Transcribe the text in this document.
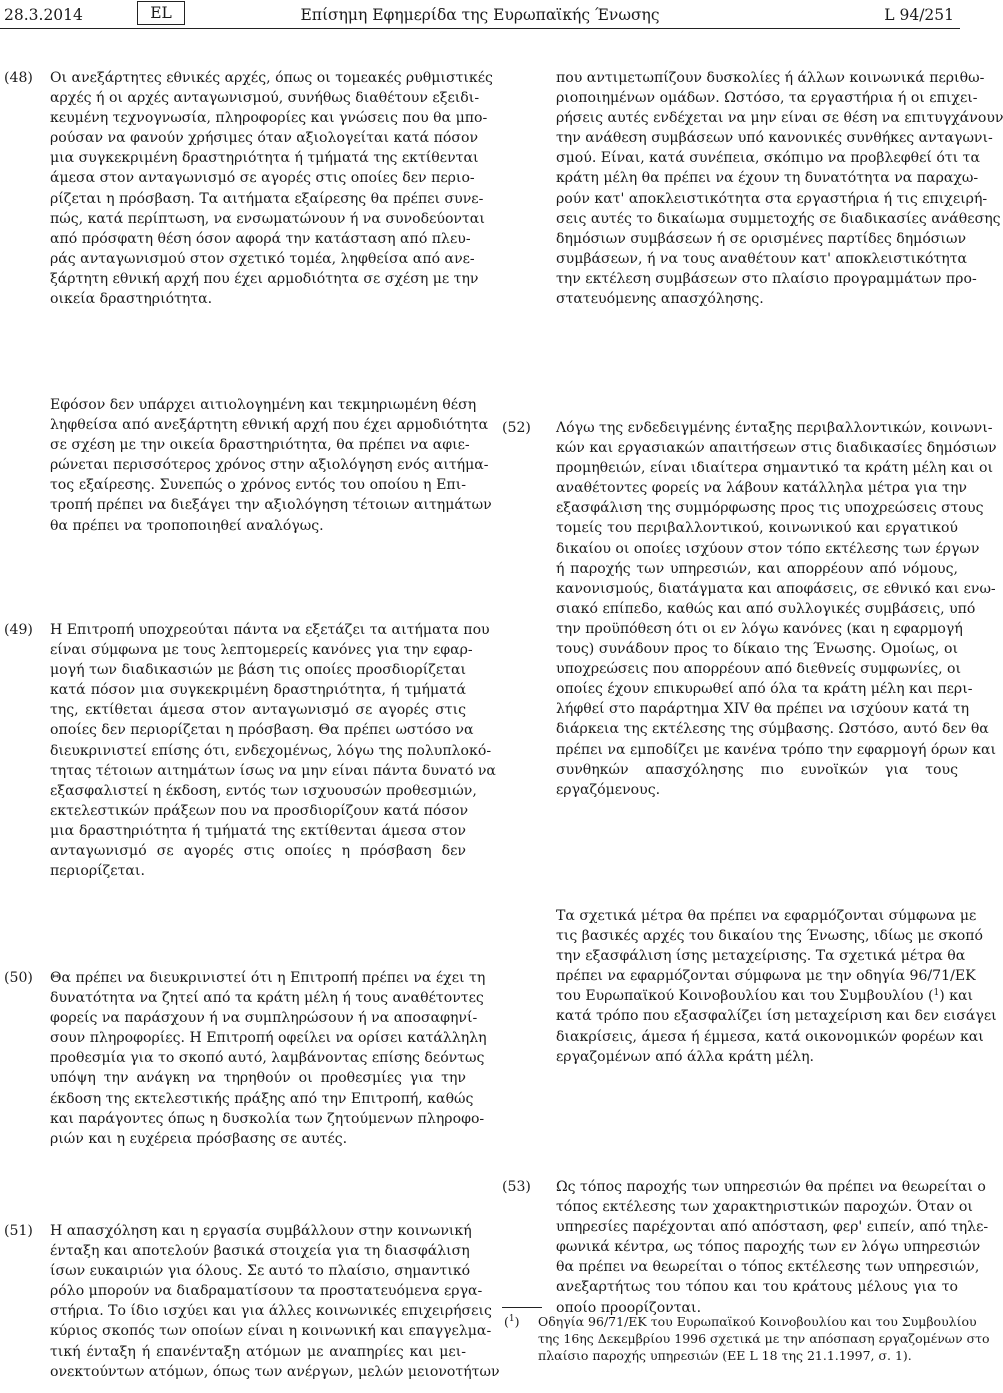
28.3.2014	EL	Επίσημη Εφημερίδα της Ευρωπαϊκής Ένωσης	L 94/251
(48) Οι ανεξάρτητες εθνικές αρχές, όπως οι τομεακές ρυθμιστικές
αρχές ή οι αρχές ανταγωνισμού, συνήθως διαθέτουν εξειδι-
κευμένη τεχνογνωσία, πληροφορίες και γνώσεις που θα μπο-
ρούσαν να φανούν χρήσιμες όταν αξιολογείται κατά πόσον
μια συγκεκριμένη δραστηριότητα ή τμήματά της εκτίθενται
άμεσα στον ανταγωνισμό σε αγορές στις οποίες δεν περιο-
ρίζεται η πρόσβαση. Τα αιτήματα εξαίρεσης θα πρέπει συνε-
πώς, κατά περίπτωση, να ενσωματώνουν ή να συνοδεύονται
από πρόσφατη θέση όσον αφορά την κατάσταση από πλευ-
ράς ανταγωνισμού στον σχετικό τομέα, ληφθείσα από ανε-
ξάρτητη εθνική αρχή που έχει αρμοδιότητα σε σχέση με την
οικεία δραστηριότητα.
Εφόσον δεν υπάρχει αιτιολογημένη και τεκμηριωμένη θέση
ληφθείσα από ανεξάρτητη εθνική αρχή που έχει αρμοδιότητα
σε σχέση με την οικεία δραστηριότητα, θα πρέπει να αφιε-
ρώνεται περισσότερος χρόνος στην αξιολόγηση ενός αιτήμα-
τος εξαίρεσης. Συνεπώς ο χρόνος εντός του οποίου η Επι-
τροπή πρέπει να διεξάγει την αξιολόγηση τέτοιων αιτημάτων
θα πρέπει να τροποποιηθεί αναλόγως.
(49) Η Επιτροπή υποχρεούται πάντα να εξετάζει τα αιτήματα που
είναι σύμφωνα με τους λεπτομερείς κανόνες για την εφαρ-
μογή των διαδικασιών με βάση τις οποίες προσδιορίζεται
κατά πόσον μια συγκεκριμένη δραστηριότητα, ή τμήματά
της, εκτίθεται άμεσα στον ανταγωνισμό σε αγορές στις
οποίες δεν περιορίζεται η πρόσβαση. Θα πρέπει ωστόσο να
διευκρινιστεί επίσης ότι, ενδεχομένως, λόγω της πολυπλοκό-
τητας τέτοιων αιτημάτων ίσως να μην είναι πάντα δυνατό να
εξασφαλιστεί η έκδοση, εντός των ισχυουσών προθεσμιών,
εκτελεστικών πράξεων που να προσδιορίζουν κατά πόσον
μια δραστηριότητα ή τμήματά της εκτίθενται άμεσα στον
ανταγωνισμό σε αγορές στις οποίες η πρόσβαση δεν
περιορίζεται.
(50) Θα πρέπει να διευκρινιστεί ότι η Επιτροπή πρέπει να έχει τη
δυνατότητα να ζητεί από τα κράτη μέλη ή τους αναθέτοντες
φορείς να παράσχουν ή να συμπληρώσουν ή να αποσαφηνί-
σουν πληροφορίες. Η Επιτροπή οφείλει να ορίσει κατάλληλη
προθεσμία για το σκοπό αυτό, λαμβάνοντας επίσης δεόντως
υπόψη την ανάγκη να τηρηθούν οι προθεσμίες για την
έκδοση της εκτελεστικής πράξης από την Επιτροπή, καθώς
και παράγοντες όπως η δυσκολία των ζητούμενων πληροφο-
ριών και η ευχέρεια πρόσβασης σε αυτές.
(51) Η απασχόληση και η εργασία συμβάλλουν στην κοινωνική
ένταξη και αποτελούν βασικά στοιχεία για τη διασφάλιση
ίσων ευκαιριών για όλους. Σε αυτό το πλαίσιο, σημαντικό
ρόλο μπορούν να διαδραματίσουν τα προστατευόμενα εργα-
στήρια. Το ίδιο ισχύει και για άλλες κοινωνικές επιχειρήσεις
κύριος σκοπός των οποίων είναι η κοινωνική και επαγγελμα-
τική ένταξη ή επανένταξη ατόμων με αναπηρίες και μει-
ονεκτούντων ατόμων, όπως των ανέργων, μελών μειονοτήτων
που αντιμετωπίζουν δυσκολίες ή άλλων κοινωνικά περιθω-
ριοποιημένων ομάδων. Ωστόσο, τα εργαστήρια ή οι επιχει-
ρήσεις αυτές ενδέχεται να μην είναι σε θέση να επιτυγχάνουν
την ανάθεση συμβάσεων υπό κανονικές συνθήκες ανταγωνι-
σμού. Είναι, κατά συνέπεια, σκόπιμο να προβλεφθεί ότι τα
κράτη μέλη θα πρέπει να έχουν τη δυνατότητα να παραχω-
ρούν κατ' αποκλειστικότητα στα εργαστήρια ή τις επιχειρή-
σεις αυτές το δικαίωμα συμμετοχής σε διαδικασίες ανάθεσης
δημόσιων συμβάσεων ή σε ορισμένες παρτίδες δημόσιων
συμβάσεων, ή να τους αναθέτουν κατ' αποκλειστικότητα
την εκτέλεση συμβάσεων στο πλαίσιο προγραμμάτων προ-
στατευόμενης απασχόλησης.
(52) Λόγω της ενδεδειγμένης ένταξης περιβαλλοντικών, κοινωνι-
κών και εργασιακών απαιτήσεων στις διαδικασίες δημόσιων
προμηθειών, είναι ιδιαίτερα σημαντικό τα κράτη μέλη και οι
αναθέτοντες φορείς να λάβουν κατάλληλα μέτρα για την
εξασφάλιση της συμμόρφωσης προς τις υποχρεώσεις στους
τομείς του περιβαλλοντικού, κοινωνικού και εργατικού
δικαίου οι οποίες ισχύουν στον τόπο εκτέλεσης των έργων
ή παροχής των υπηρεσιών, και απορρέουν από νόμους,
κανονισμούς, διατάγματα και αποφάσεις, σε εθνικό και ενω-
σιακό επίπεδο, καθώς και από συλλογικές συμβάσεις, υπό
την προϋπόθεση ότι οι εν λόγω κανόνες (και η εφαρμογή
τους) συνάδουν προς το δίκαιο της Ένωσης. Ομοίως, οι
υποχρεώσεις που απορρέουν από διεθνείς συμφωνίες, οι
οποίες έχουν επικυρωθεί από όλα τα κράτη μέλη και περι-
λήφθεί στο παράρτημα XIV θα πρέπει να ισχύουν κατά τη
διάρκεια της εκτέλεσης της σύμβασης. Ωστόσο, αυτό δεν θα
πρέπει να εμποδίζει με κανένα τρόπο την εφαρμογή όρων και
συνθηκών απασχόλησης πιο ευνοϊκών για τους
εργαζόμενους.
Τα σχετικά μέτρα θα πρέπει να εφαρμόζονται σύμφωνα με
τις βασικές αρχές του δικαίου της Ένωσης, ιδίως με σκοπό
την εξασφάλιση ίσης μεταχείρισης. Τα σχετικά μέτρα θα
πρέπει να εφαρμόζονται σύμφωνα με την οδηγία 96/71/ΕΚ
του Ευρωπαϊκού Κοινοβουλίου και του Συμβουλίου ($^1$) και
κατά τρόπο που εξασφαλίζει ίση μεταχείριση και δεν εισάγει
διακρίσεις, άμεσα ή έμμεσα, κατά οικονομικών φορέων και
εργαζομένων από άλλα κράτη μέλη.
(53) Ως τόπος παροχής των υπηρεσιών θα πρέπει να θεωρείται ο
τόπος εκτέλεσης των χαρακτηριστικών παροχών. Όταν οι
υπηρεσίες παρέχονται από απόσταση, φερ' ειπείν, από τηλε-
φωνικά κέντρα, ως τόπος παροχής των εν λόγω υπηρεσιών
θα πρέπει να θεωρείται ο τόπος εκτέλεσης των υπηρεσιών,
ανεξαρτήτως του τόπου και του κράτους μέλους για το
οποίο προορίζονται.
($^1$) Οδηγία 96/71/ΕΚ του Ευρωπαϊκού Κοινοβουλίου και του Συμβουλίου
της 16ης Δεκεμβρίου 1996 σχετικά με την απόσπαση εργαζομένων στο
πλαίσιο παροχής υπηρεσιών (ΕΕ L 18 της 21.1.1997, σ. 1).
